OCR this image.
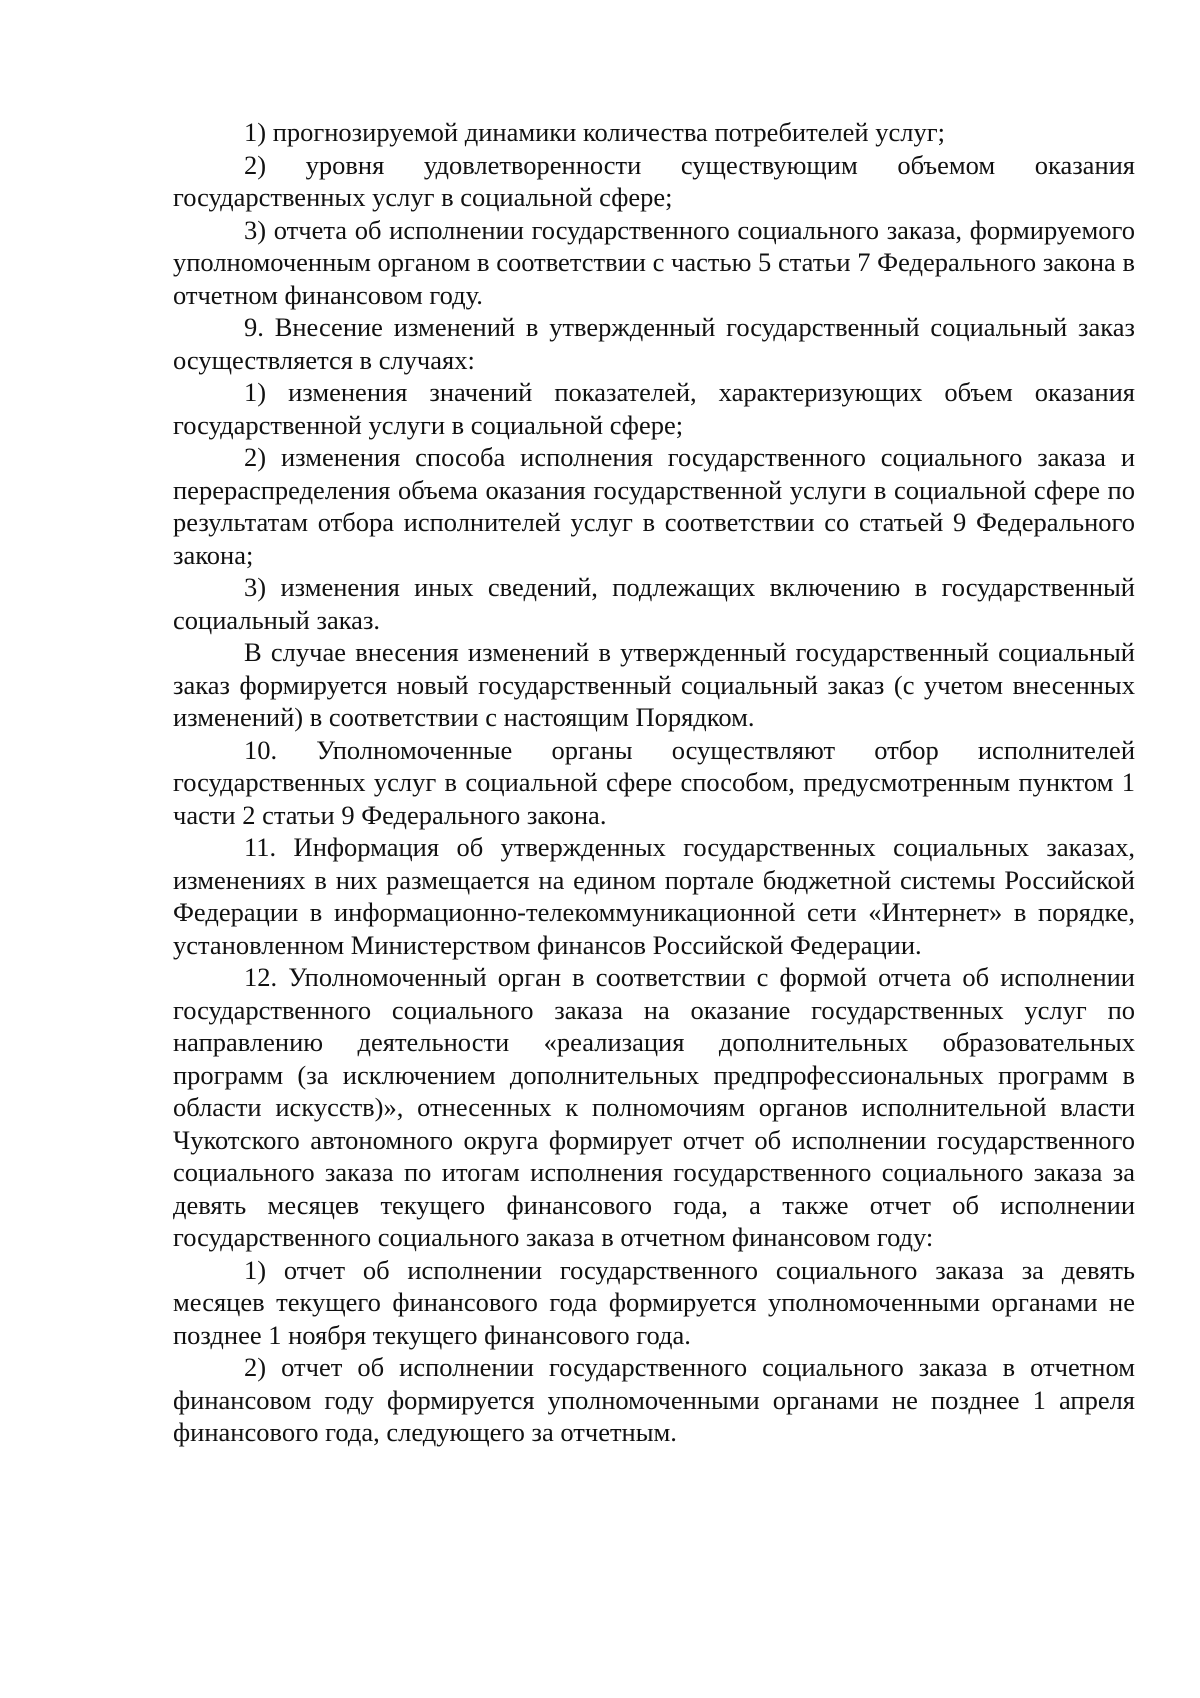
1) прогнозируемой динамики количества потребителей услуг;

2) уровня удовлетворенности существующим объемом оказания государственных услуг в социальной сфере;

3) отчета об исполнении государственного социального заказа, формируемого уполномоченным органом в соответствии с частью 5 статьи 7 Федерального закона в отчетном финансовом году.

9. Внесение изменений в утвержденный государственный социальный заказ осуществляется в случаях:

1) изменения значений показателей, характеризующих объем оказания государственной услуги в социальной сфере;

2) изменения способа исполнения государственного социального заказа и перераспределения объема оказания государственной услуги в социальной сфере по результатам отбора исполнителей услуг в соответствии со статьей 9 Федерального закона;

3) изменения иных сведений, подлежащих включению в государственный социальный заказ.

В случае внесения изменений в утвержденный государственный социальный заказ формируется новый государственный социальный заказ (с учетом внесенных изменений) в соответствии с настоящим Порядком.

10. Уполномоченные органы осуществляют отбор исполнителей государственных услуг в социальной сфере способом, предусмотренным пунктом 1 части 2 статьи 9 Федерального закона.

11. Информация об утвержденных государственных социальных заказах, изменениях в них размещается на едином портале бюджетной системы Российской Федерации в информационно-телекоммуникационной сети «Интернет» в порядке, установленном Министерством финансов Российской Федерации.

12. Уполномоченный орган в соответствии с формой отчета об исполнении государственного социального заказа на оказание государственных услуг по направлению деятельности «реализация дополнительных образовательных программ (за исключением дополнительных предпрофессиональных программ в области искусств)», отнесенных к полномочиям органов исполнительной власти Чукотского автономного округа формирует отчет об исполнении государственного социального заказа по итогам исполнения государственного социального заказа за девять месяцев текущего финансового года, а также отчет об исполнении государственного социального заказа в отчетном финансовом году:

1) отчет об исполнении государственного социального заказа за девять месяцев текущего финансового года формируется уполномоченными органами не позднее 1 ноября текущего финансового года.

2) отчет об исполнении государственного социального заказа в отчетном финансовом году формируется уполномоченными органами не позднее 1 апреля финансового года, следующего за отчетным.
